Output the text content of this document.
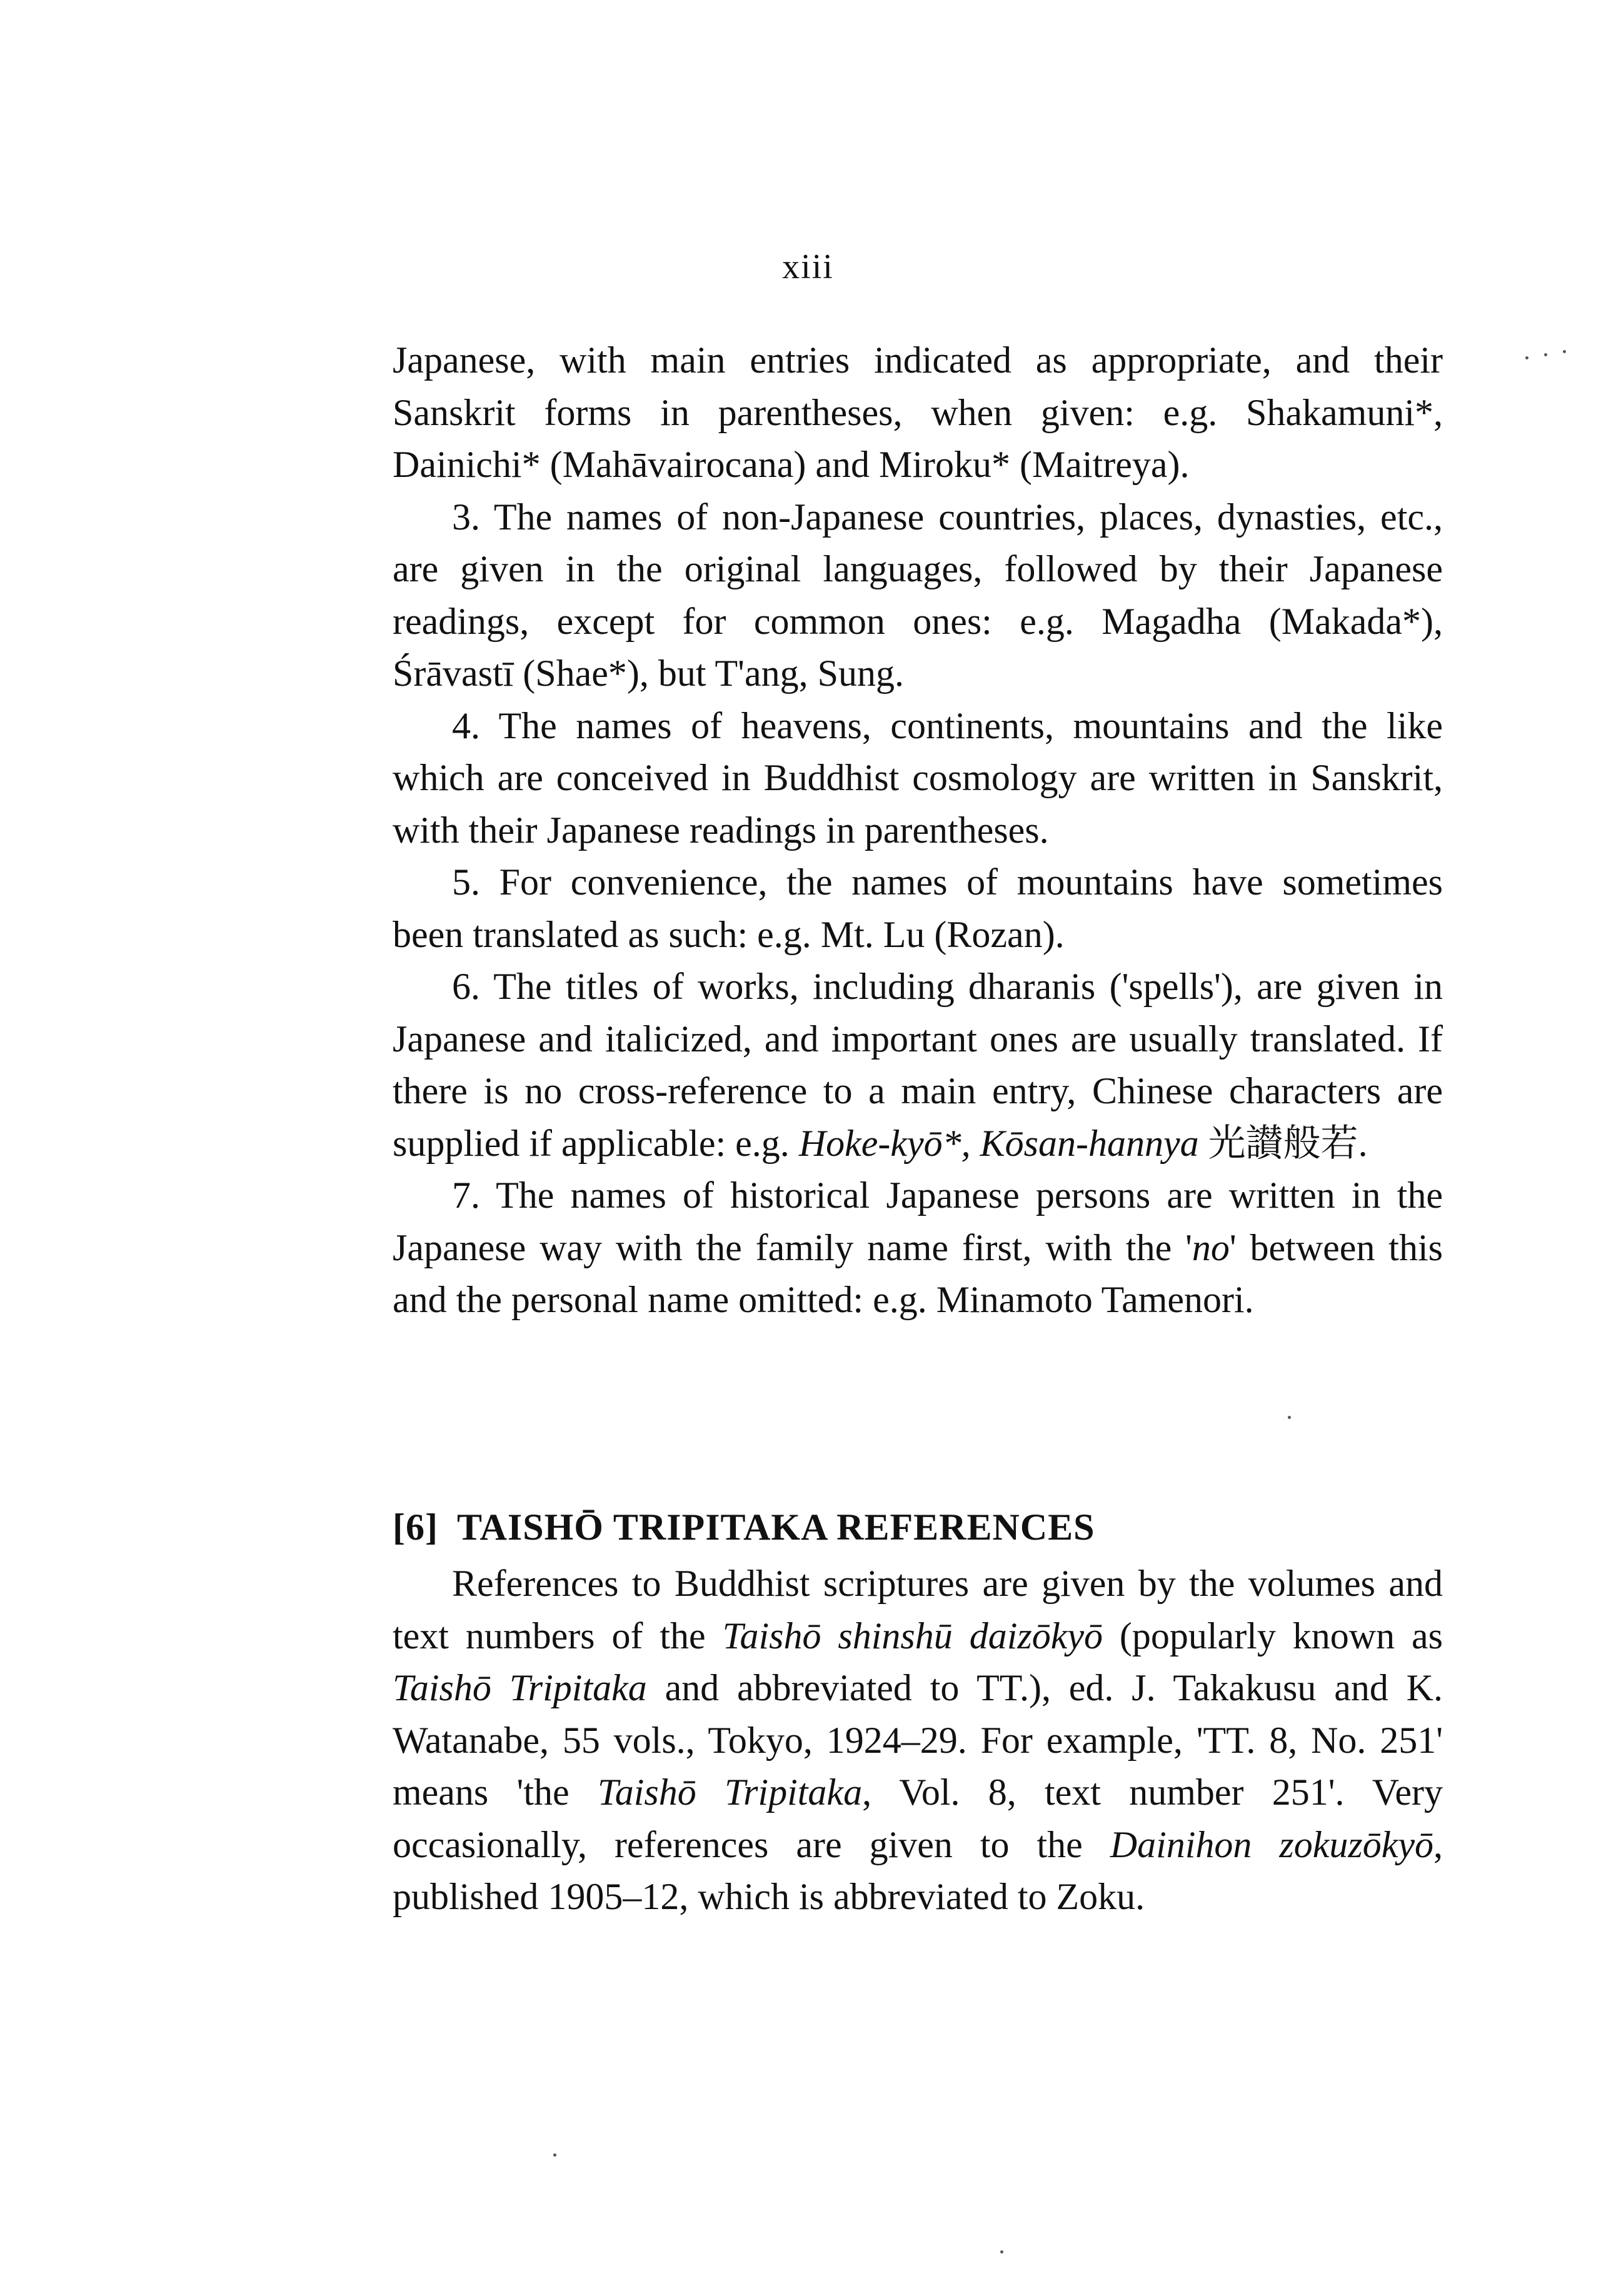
xiii

Japanese, with main entries indicated as appropriate, and their Sanskrit forms in parentheses, when given: e.g. Shakamuni*, Dainichi* (Mahāvairocana) and Miroku* (Maitreya).

3. The names of non-Japanese countries, places, dynasties, etc., are given in the original languages, followed by their Japanese readings, except for common ones: e.g. Magadha (Makada*), Śrāvastī (Shae*), but T'ang, Sung.

4. The names of heavens, continents, mountains and the like which are conceived in Buddhist cosmology are written in Sanskrit, with their Japanese readings in parentheses.

5. For convenience, the names of mountains have sometimes been translated as such: e.g. Mt. Lu (Rozan).

6. The titles of works, including dharanis ('spells'), are given in Japanese and italicized, and important ones are usually translated. If there is no cross-reference to a main entry, Chinese characters are supplied if applicable: e.g. Hoke-kyō*, Kōsan-hannya 光讃般若.

7. The names of historical Japanese persons are written in the Japanese way with the family name first, with the 'no' between this and the personal name omitted: e.g. Minamoto Tamenori.

[6] TAISHŌ TRIPITAKA REFERENCES

References to Buddhist scriptures are given by the volumes and text numbers of the Taishō shinshū daizōkyō (popularly known as Taishō Tripitaka and abbreviated to TT.), ed. J. Takakusu and K. Watanabe, 55 vols., Tokyo, 1924–29. For example, 'TT. 8, No. 251' means 'the Taishō Tripitaka, Vol. 8, text number 251'. Very occasionally, references are given to the Dainihon zokuzōkyō, published 1905–12, which is abbreviated to Zoku.
